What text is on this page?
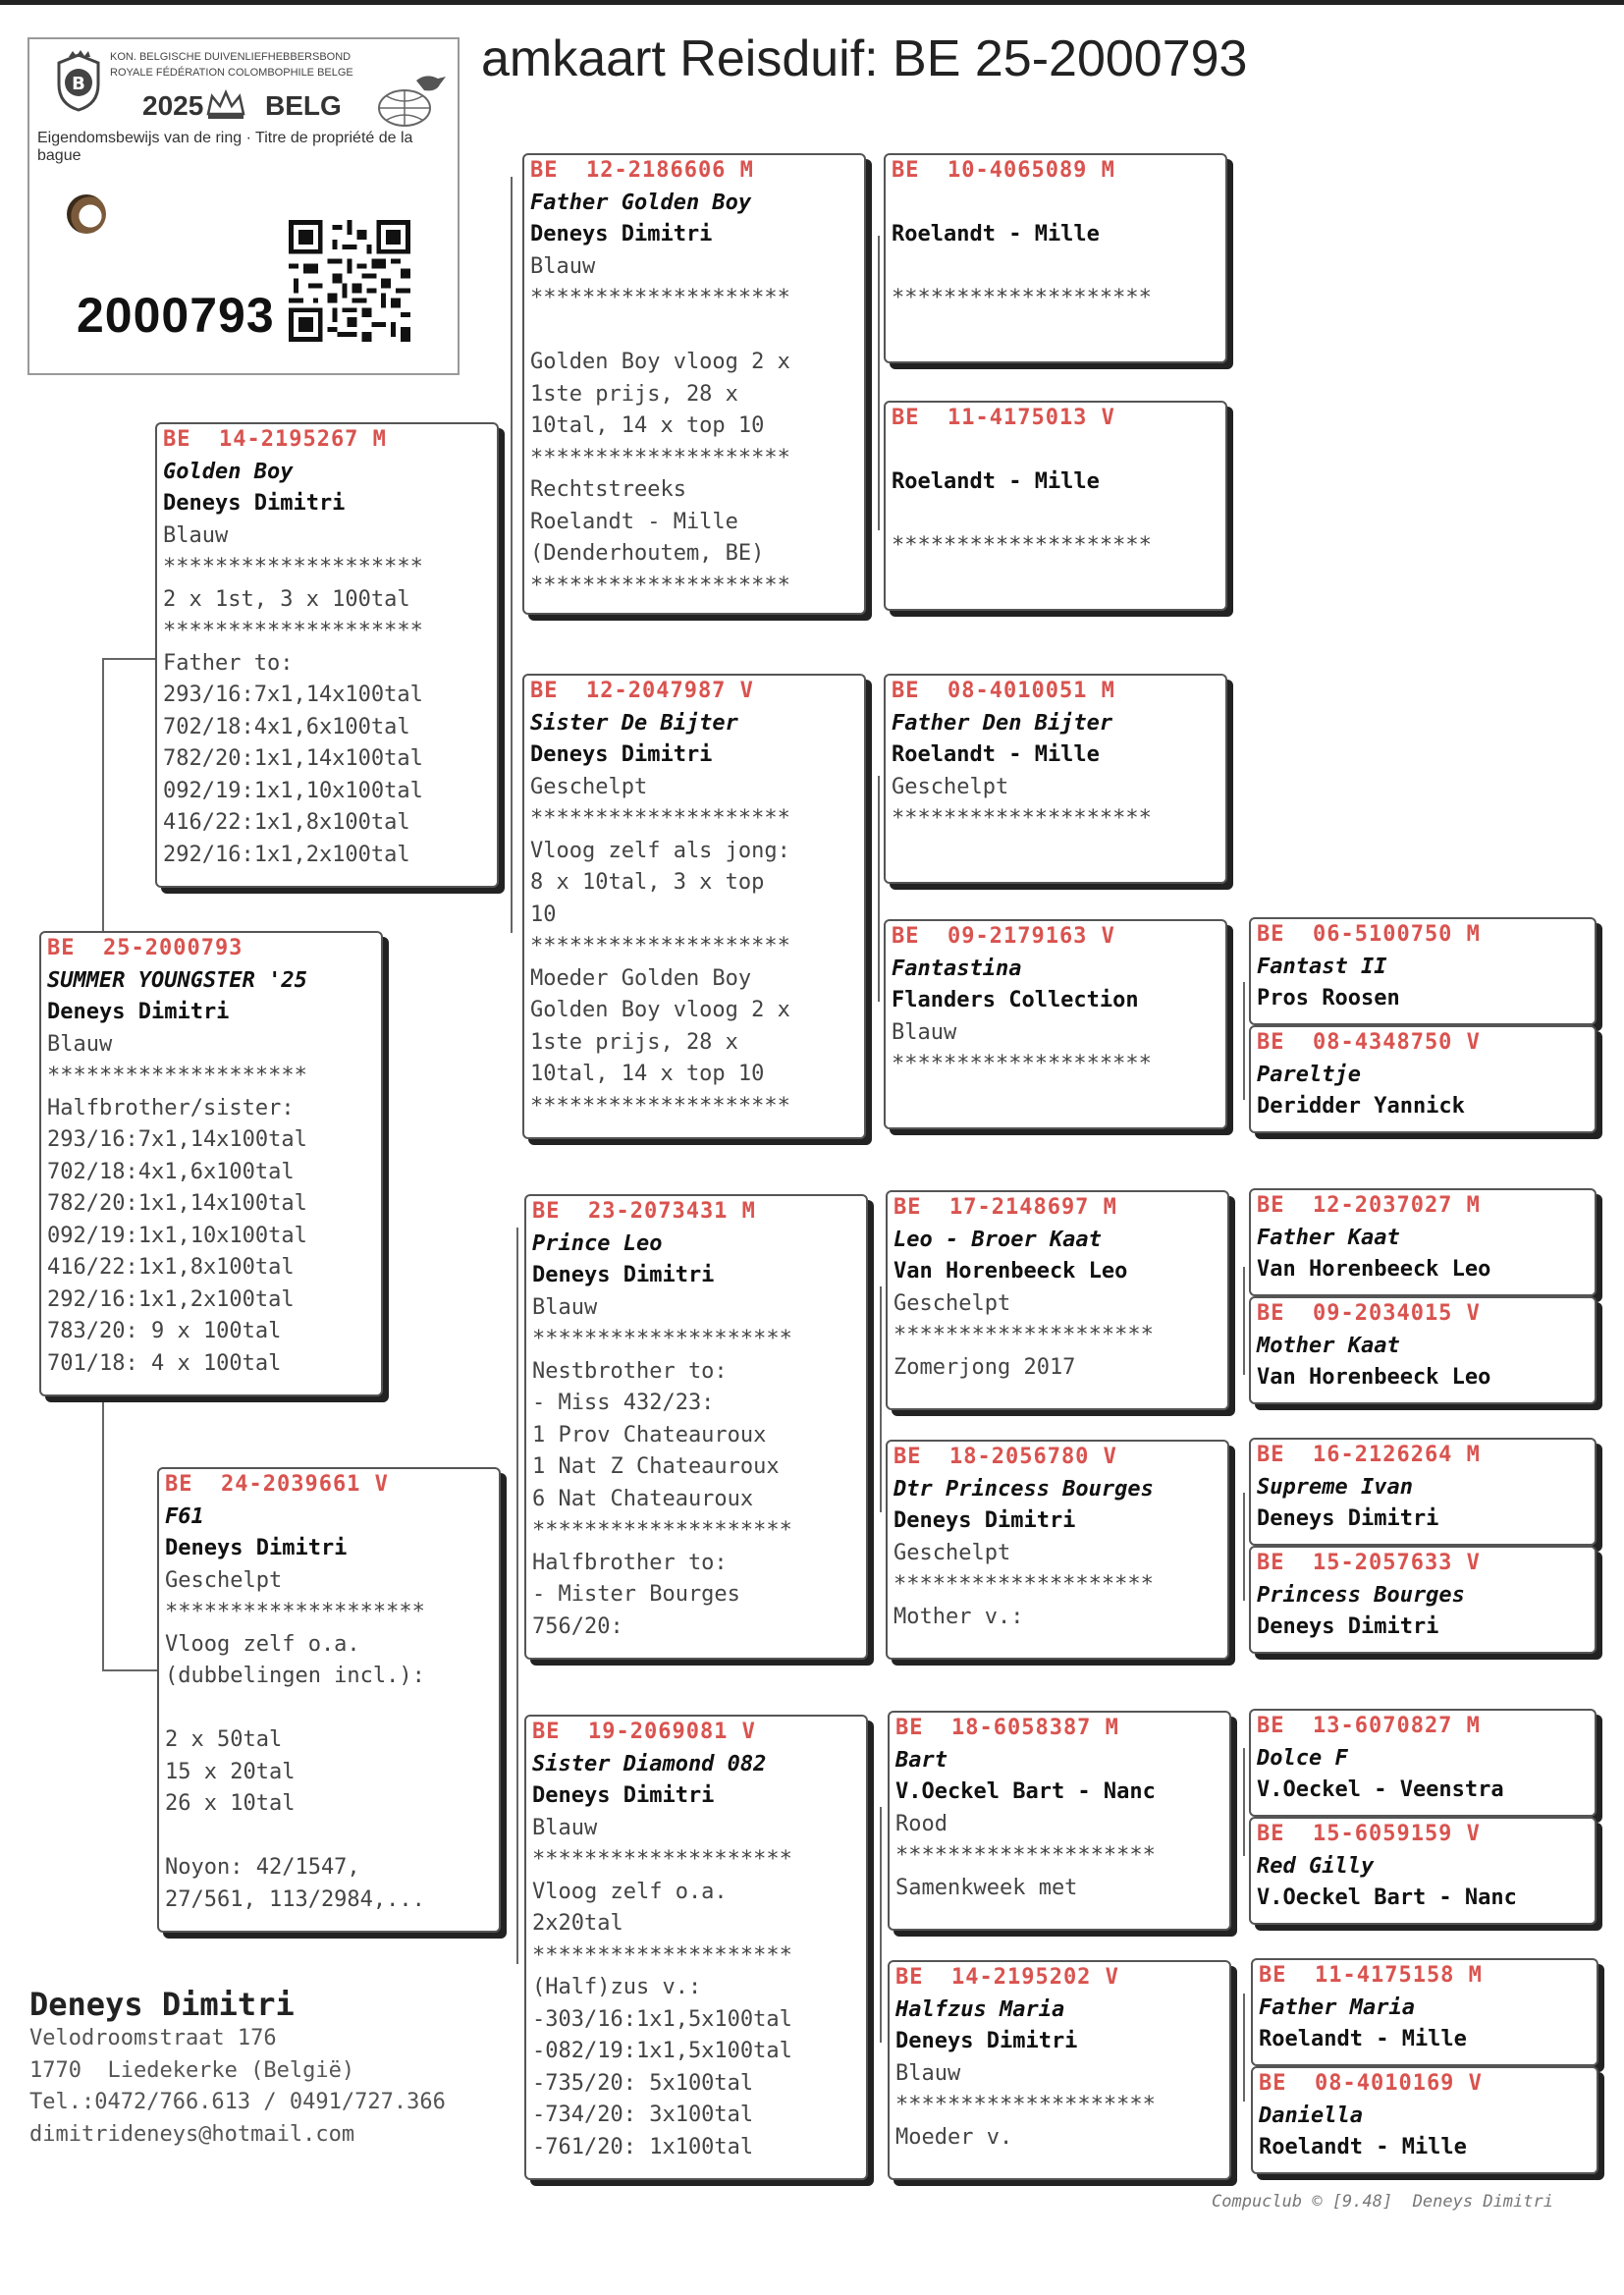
amkaart Reisduif: BE 25-2000793
B
KON. BELGISCHE DUIVENLIEFHEBBERSBOND
ROYALE FÉDÉRATION COLOMBOPHILE BELGE
2025 BELG
Eigendomsbewijs van de ring · Titre de propriété de la bague
2000793
BE  25-2000793
SUMMER YOUNGSTER '25
Deneys Dimitri
Blauw
********************
Halfbrother/sister:
293/16:7x1,14x100tal
702/18:4x1,6x100tal
782/20:1x1,14x100tal
092/19:1x1,10x100tal
416/22:1x1,8x100tal
292/16:1x1,2x100tal
783/20: 9 x 100tal
701/18: 4 x 100tal
BE  14-2195267 M
Golden Boy
Deneys Dimitri
Blauw
********************
2 x 1st, 3 x 100tal
********************
Father to:
293/16:7x1,14x100tal
702/18:4x1,6x100tal
782/20:1x1,14x100tal
092/19:1x1,10x100tal
416/22:1x1,8x100tal
292/16:1x1,2x100tal
BE  24-2039661 V
F61
Deneys Dimitri
Geschelpt
********************
Vloog zelf o.a.
(dubbelingen incl.):
2 x 50tal
15 x 20tal
26 x 10tal
Noyon: 42/1547,
27/561, 113/2984,...
BE  12-2186606 M
Father Golden Boy
Deneys Dimitri
Blauw
********************
Golden Boy vloog 2 x
1ste prijs, 28 x
10tal, 14 x top 10
********************
Rechtstreeks
Roelandt - Mille
(Denderhoutem, BE)
********************
BE  12-2047987 V
Sister De Bijter
Deneys Dimitri
Geschelpt
********************
Vloog zelf als jong:
8 x 10tal, 3 x top
10
********************
Moeder Golden Boy
Golden Boy vloog 2 x
1ste prijs, 28 x
10tal, 14 x top 10
********************
BE  23-2073431 M
Prince Leo
Deneys Dimitri
Blauw
********************
Nestbrother to:
- Miss 432/23:
1 Prov Chateauroux
1 Nat Z Chateauroux
6 Nat Chateauroux
********************
Halfbrother to:
- Mister Bourges
756/20:
BE  19-2069081 V
Sister Diamond 082
Deneys Dimitri
Blauw
********************
Vloog zelf o.a.
2x20tal
********************
(Half)zus v.:
-303/16:1x1,5x100tal
-082/19:1x1,5x100tal
-735/20: 5x100tal
-734/20: 3x100tal
-761/20: 1x100tal
BE  10-4065089 M
Roelandt - Mille
********************
BE  11-4175013 V
Roelandt - Mille
********************
BE  08-4010051 M
Father Den Bijter
Roelandt - Mille
Geschelpt
********************
BE  09-2179163 V
Fantastina
Flanders Collection
Blauw
********************
BE  17-2148697 M
Leo - Broer Kaat
Van Horenbeeck Leo
Geschelpt
********************
Zomerjong 2017
BE  18-2056780 V
Dtr Princess Bourges
Deneys Dimitri
Geschelpt
********************
Mother v.:
BE  18-6058387 M
Bart
V.Oeckel Bart - Nanc
Rood
********************
Samenkweek met
BE  14-2195202 V
Halfzus Maria
Deneys Dimitri
Blauw
********************
Moeder v.
BE  06-5100750 M
Fantast II
Pros Roosen
BE  08-4348750 V
Pareltje
Deridder Yannick
BE  12-2037027 M
Father Kaat
Van Horenbeeck Leo
BE  09-2034015 V
Mother Kaat
Van Horenbeeck Leo
BE  16-2126264 M
Supreme Ivan
Deneys Dimitri
BE  15-2057633 V
Princess Bourges
Deneys Dimitri
BE  13-6070827 M
Dolce F
V.Oeckel - Veenstra
BE  15-6059159 V
Red Gilly
V.Oeckel Bart - Nanc
BE  11-4175158 M
Father Maria
Roelandt - Mille
BE  08-4010169 V
Daniella
Roelandt - Mille
Deneys Dimitri
Velodroomstraat 176
1770  Liedekerke (België)
Tel.:0472/766.613 / 0491/727.366
dimitrideneys@hotmail.com
Compuclub © [9.48]  Deneys Dimitri
